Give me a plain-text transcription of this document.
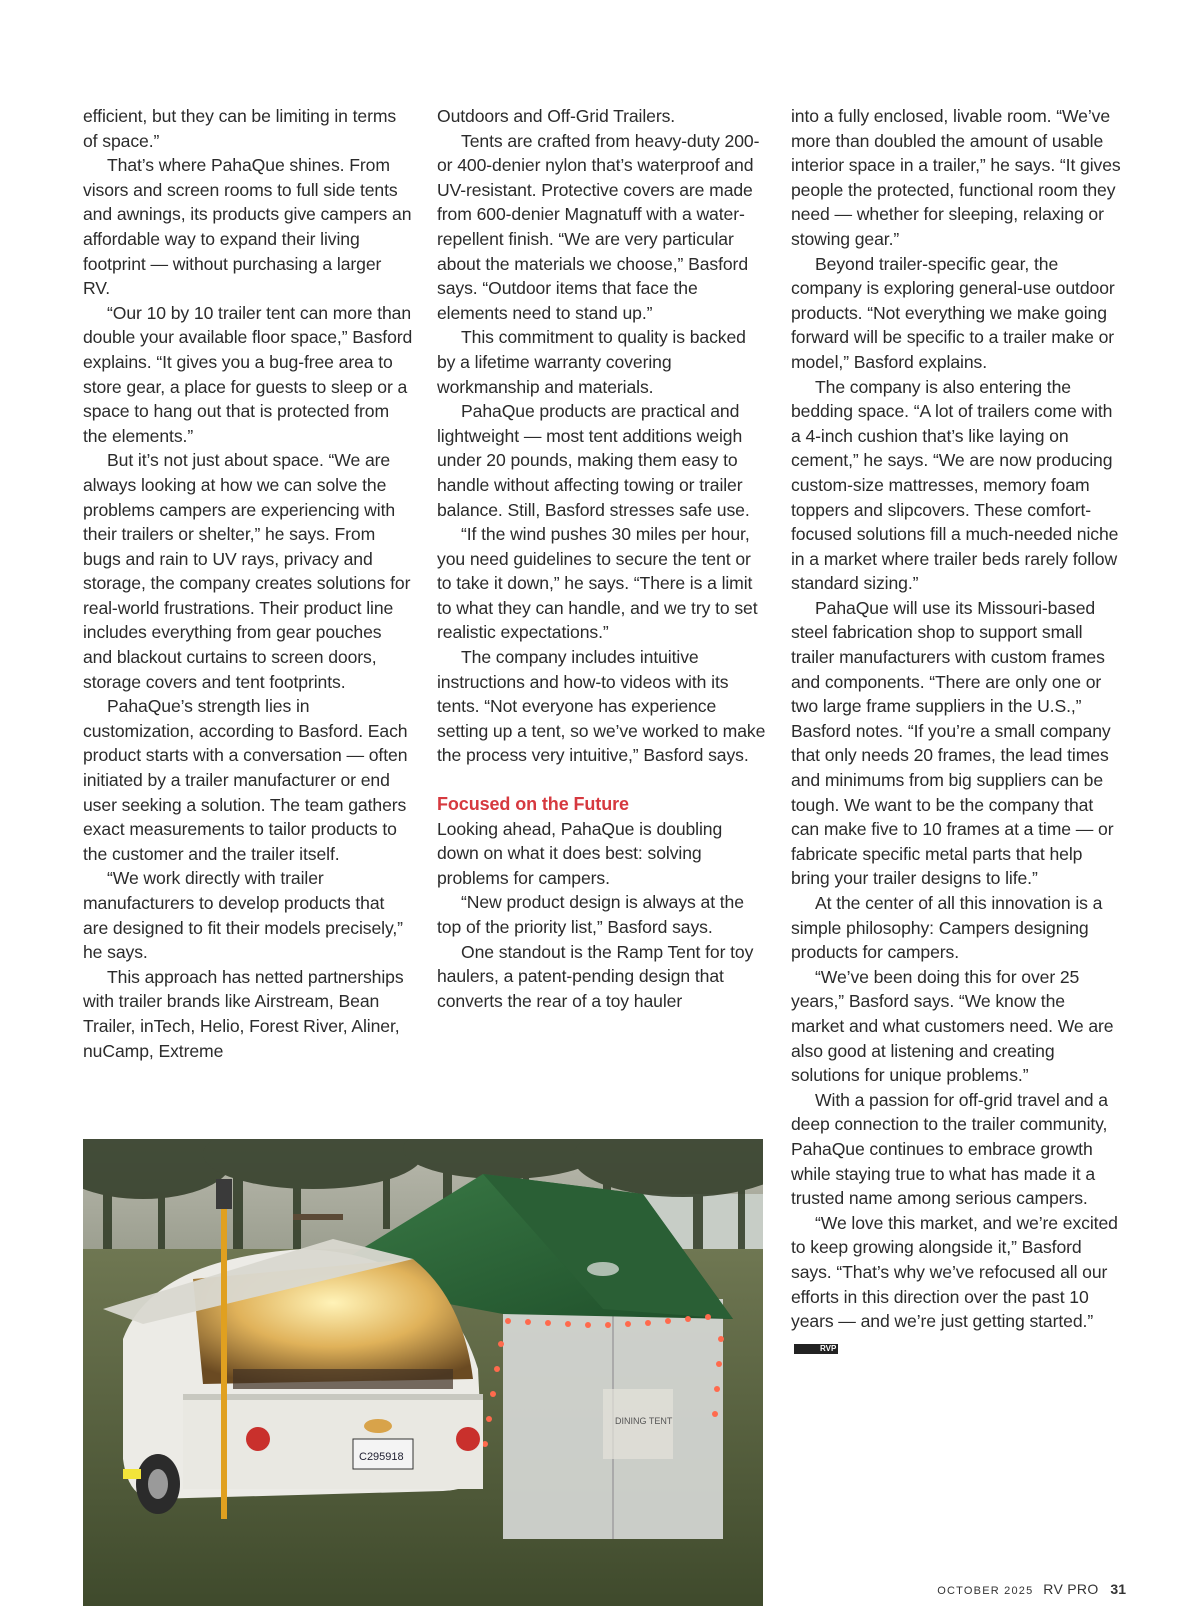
efficient, but they can be limiting in terms of space.”

That’s where PahaQue shines. From visors and screen rooms to full side tents and awnings, its products give campers an affordable way to expand their living footprint — without purchasing a larger RV.

“Our 10 by 10 trailer tent can more than double your available floor space,” Basford explains. “It gives you a bug-free area to store gear, a place for guests to sleep or a space to hang out that is protected from the elements.”

But it’s not just about space. “We are always looking at how we can solve the problems campers are experiencing with their trailers or shelter,” he says. From bugs and rain to UV rays, privacy and storage, the company creates solutions for real-world frustrations. Their product line includes everything from gear pouches and blackout curtains to screen doors, storage covers and tent footprints.

PahaQue’s strength lies in customization, according to Basford. Each product starts with a conversation — often initiated by a trailer manufacturer or end user seeking a solution. The team gathers exact measurements to tailor products to the customer and the trailer itself.

“We work directly with trailer manufacturers to develop products that are designed to fit their models precisely,” he says.

This approach has netted partnerships with trailer brands like Airstream, Bean Trailer, inTech, Helio, Forest River, Aliner, nuCamp, Extreme

Outdoors and Off-Grid Trailers.

Tents are crafted from heavy-duty 200- or 400-denier nylon that’s waterproof and UV-resistant. Protective covers are made from 600-denier Magnatuff with a water-repellent finish. “We are very particular about the materials we choose,” Basford says. “Outdoor items that face the elements need to stand up.”

This commitment to quality is backed by a lifetime warranty covering workmanship and materials.

PahaQue products are practical and lightweight — most tent additions weigh under 20 pounds, making them easy to handle without affecting towing or trailer balance. Still, Basford stresses safe use.

“If the wind pushes 30 miles per hour, you need guidelines to secure the tent or to take it down,” he says. “There is a limit to what they can handle, and we try to set realistic expectations.”

The company includes intuitive instructions and how-to videos with its tents. “Not everyone has experience setting up a tent, so we’ve worked to make the process very intuitive,” Basford says.

Focused on the Future

Looking ahead, PahaQue is doubling down on what it does best: solving problems for campers.

“New product design is always at the top of the priority list,” Basford says.

One standout is the Ramp Tent for toy haulers, a patent-pending design that converts the rear of a toy hauler

into a fully enclosed, livable room. “We’ve more than doubled the amount of usable interior space in a trailer,” he says. “It gives people the protected, functional room they need — whether for sleeping, relaxing or stowing gear.”

Beyond trailer-specific gear, the company is exploring general-use outdoor products. “Not everything we make going forward will be specific to a trailer make or model,” Basford explains.

The company is also entering the bedding space. “A lot of trailers come with a 4-inch cushion that’s like laying on cement,” he says. “We are now producing custom-size mattresses, memory foam toppers and slipcovers. These comfort-focused solutions fill a much-needed niche in a market where trailer beds rarely follow standard sizing.”

PahaQue will use its Missouri-based steel fabrication shop to support small trailer manufacturers with custom frames and components. “There are only one or two large frame suppliers in the U.S.,” Basford notes. “If you’re a small company that only needs 20 frames, the lead times and minimums from big suppliers can be tough. We want to be the company that can make five to 10 frames at a time — or fabricate specific metal parts that help bring your trailer designs to life.”

At the center of all this innovation is a simple philosophy: Campers designing products for campers.

“We’ve been doing this for over 25 years,” Basford says. “We know the market and what customers need. We are also good at listening and creating solutions for unique problems.”

With a passion for off-grid travel and a deep connection to the trailer community, PahaQue continues to embrace growth while staying true to what has made it a trusted name among serious campers.

“We love this market, and we’re excited to keep growing alongside it,” Basford says. “That’s why we’ve refocused all our efforts in this direction over the past 10 years — and we’re just getting started.”RVP

DINING TENT
C295918
OCTOBER 2025 RV PRO 31
